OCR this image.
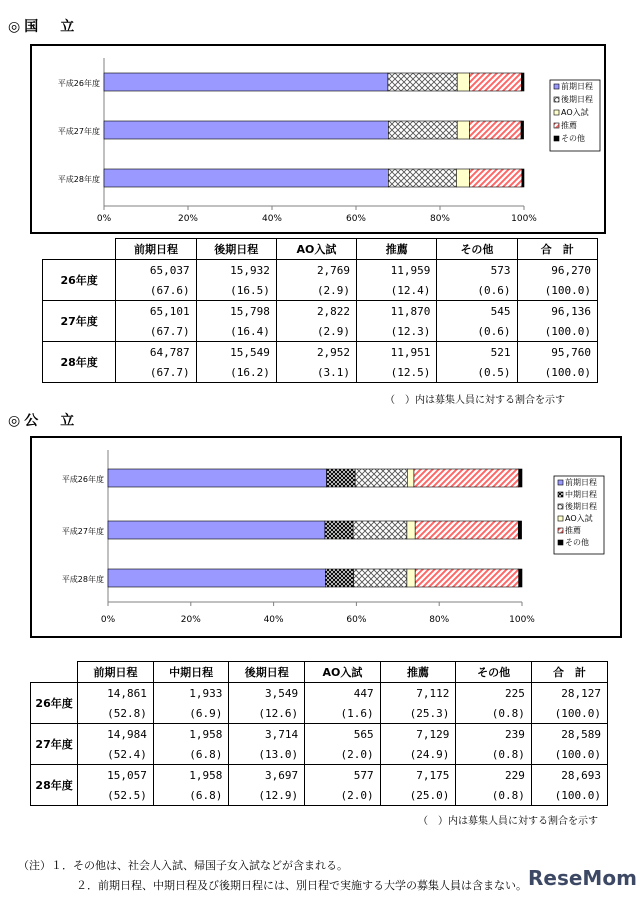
◎国　立
0%	20%	40%	60%	80%	100%
平成26年度
平成27年度
平成28年度
前期日程
後期日程
AO入試
推薦
その他
	前期日程	後期日程	AO入試	推薦	その他	合　計
26年度	65,037	15,932	2,769	11,959	573	96,270
	(67.6)	(16.5)	(2.9)	(12.4)	(0.6)	(100.0)
27年度	65,101	15,798	2,822	11,870	545	96,136
	(67.7)	(16.4)	(2.9)	(12.3)	(0.6)	(100.0)
28年度	64,787	15,549	2,952	11,951	521	95,760
	(67.7)	(16.2)	(3.1)	(12.5)	(0.5)	(100.0)
（　）内は募集人員に対する割合を示す
◎公　立
0%	20%	40%	60%	80%	100%
平成26年度
平成27年度
平成28年度
前期日程
中期日程
後期日程
AO入試
推薦
その他
	前期日程	中期日程	後期日程	AO入試	推薦	その他	合　計
26年度	14,861	1,933	3,549	447	7,112	225	28,127
	(52.8)	(6.9)	(12.6)	(1.6)	(25.3)	(0.8)	(100.0)
27年度	14,984	1,958	3,714	565	7,129	239	28,589
	(52.4)	(6.8)	(13.0)	(2.0)	(24.9)	(0.8)	(100.0)
28年度	15,057	1,958	3,697	577	7,175	229	28,693
	(52.5)	(6.8)	(12.9)	(2.0)	(25.0)	(0.8)	(100.0)
（　）内は募集人員に対する割合を示す
（注）１．その他は、社会人入試、帰国子女入試などが含まれる。
２．前期日程、中期日程及び後期日程には、別日程で実施する大学の募集人員は含まない。 ReseMom
